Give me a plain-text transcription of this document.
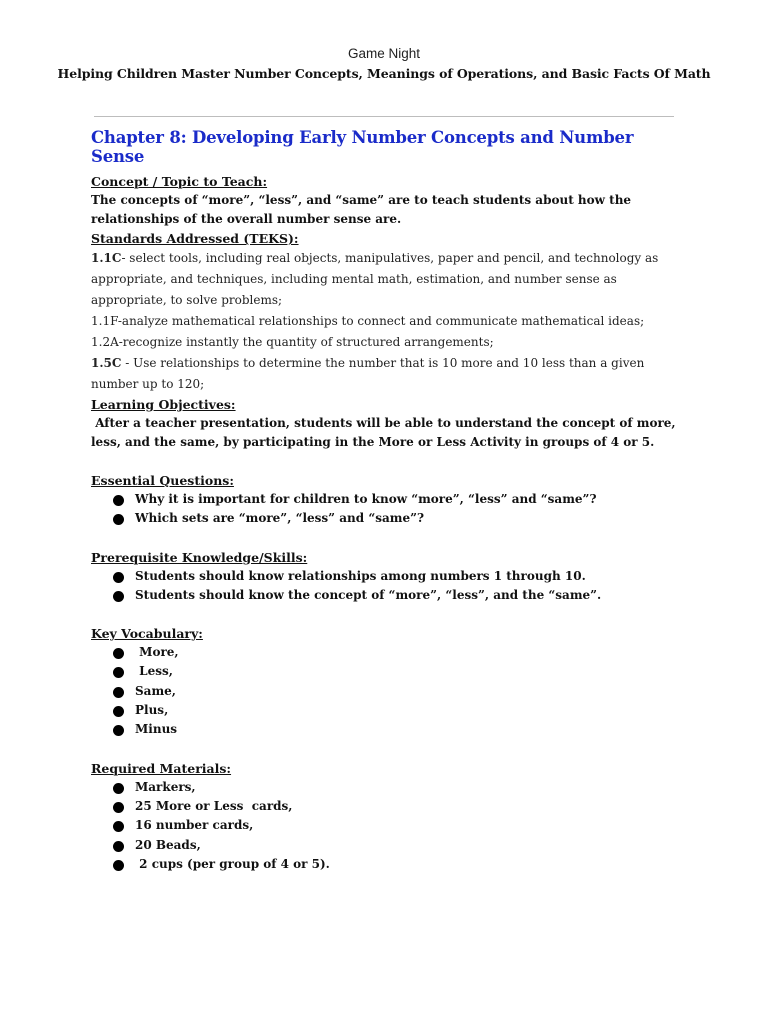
Game Night
Helping Children Master Number Concepts, Meanings of Operations, and Basic Facts Of Math
Chapter 8: Developing Early Number Concepts and Number Sense
Concept / Topic to Teach:
The concepts of “more”, “less”, and “same” are to teach students about how the relationships of the overall number sense are.
Standards Addressed (TEKS):
1.1C- select tools, including real objects, manipulatives, paper and pencil, and technology as appropriate, and techniques, including mental math, estimation, and number sense as appropriate, to solve problems;
1.1F-analyze mathematical relationships to connect and communicate mathematical ideas;
1.2A-recognize instantly the quantity of structured arrangements;
1.5C - Use relationships to determine the number that is 10 more and 10 less than a given number up to 120;
Learning Objectives:
After a teacher presentation, students will be able to understand the concept of more, less, and the same, by participating in the More or Less Activity in groups of 4 or 5.
Essential Questions:
Why it is important for children to know “more”, “less” and “same”?
Which sets are “more”, “less” and “same”?
Prerequisite Knowledge/Skills:
Students should know relationships among numbers 1 through 10.
Students should know the concept of “more”, “less”, and the “same”.
Key Vocabulary:
More,
Less,
Same,
Plus,
Minus
Required Materials:
Markers,
25 More or Less  cards,
16 number cards,
20 Beads,
2 cups (per group of 4 or 5).
